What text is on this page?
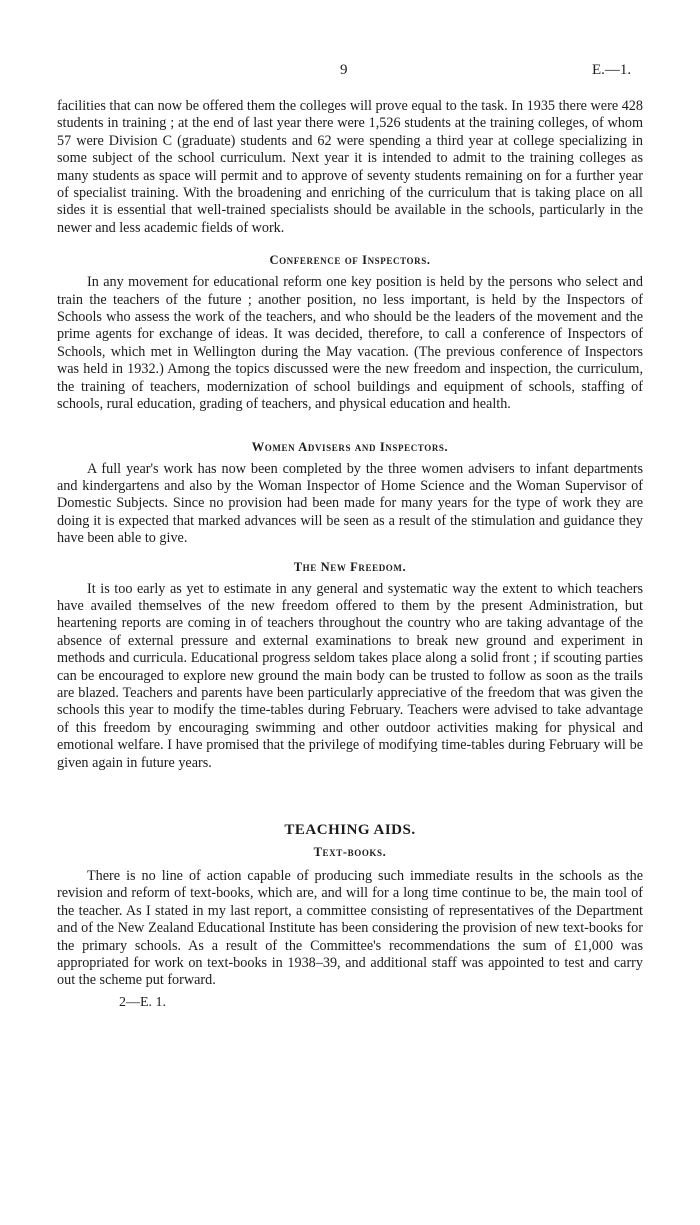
9	E.—1.

facilities that can now be offered them the colleges will prove equal to the task. In 1935 there were 428 students in training ; at the end of last year there were 1,526 students at the training colleges, of whom 57 were Division C (graduate) students and 62 were spending a third year at college specializing in some subject of the school curriculum. Next year it is intended to admit to the training colleges as many students as space will permit and to approve of seventy students remaining on for a further year of specialist training. With the broadening and enriching of the curriculum that is taking place on all sides it is essential that well-trained specialists should be available in the schools, particularly in the newer and less academic fields of work.

Conference of Inspectors.

In any movement for educational reform one key position is held by the persons who select and train the teachers of the future ; another position, no less important, is held by the Inspectors of Schools who assess the work of the teachers, and who should be the leaders of the movement and the prime agents for exchange of ideas. It was decided, therefore, to call a conference of Inspectors of Schools, which met in Wellington during the May vacation. (The previous conference of Inspectors was held in 1932.) Among the topics discussed were the new freedom and inspection, the curriculum, the training of teachers, modernization of school buildings and equipment of schools, staffing of schools, rural education, grading of teachers, and physical education and health.

Women Advisers and Inspectors.

A full year's work has now been completed by the three women advisers to infant departments and kindergartens and also by the Woman Inspector of Home Science and the Woman Supervisor of Domestic Subjects. Since no provision had been made for many years for the type of work they are doing it is expected that marked advances will be seen as a result of the stimulation and guidance they have been able to give.

The New Freedom.

It is too early as yet to estimate in any general and systematic way the extent to which teachers have availed themselves of the new freedom offered to them by the present Administration, but heartening reports are coming in of teachers throughout the country who are taking advantage of the absence of external pressure and external examinations to break new ground and experiment in methods and curricula. Educational progress seldom takes place along a solid front ; if scouting parties can be encouraged to explore new ground the main body can be trusted to follow as soon as the trails are blazed. Teachers and parents have been particularly appreciative of the freedom that was given the schools this year to modify the time-tables during February. Teachers were advised to take advantage of this freedom by encouraging swimming and other outdoor activities making for physical and emotional welfare. I have promised that the privilege of modifying time-tables during February will be given again in future years.

TEACHING AIDS.
Text-books.

There is no line of action capable of producing such immediate results in the schools as the revision and reform of text-books, which are, and will for a long time continue to be, the main tool of the teacher. As I stated in my last report, a committee consisting of representatives of the Department and of the New Zealand Educational Institute has been considering the provision of new text-books for the primary schools. As a result of the Committee's recommendations the sum of £1,000 was appropriated for work on text-books in 1938–39, and additional staff was appointed to test and carry out the scheme put forward.

2—E. 1.
